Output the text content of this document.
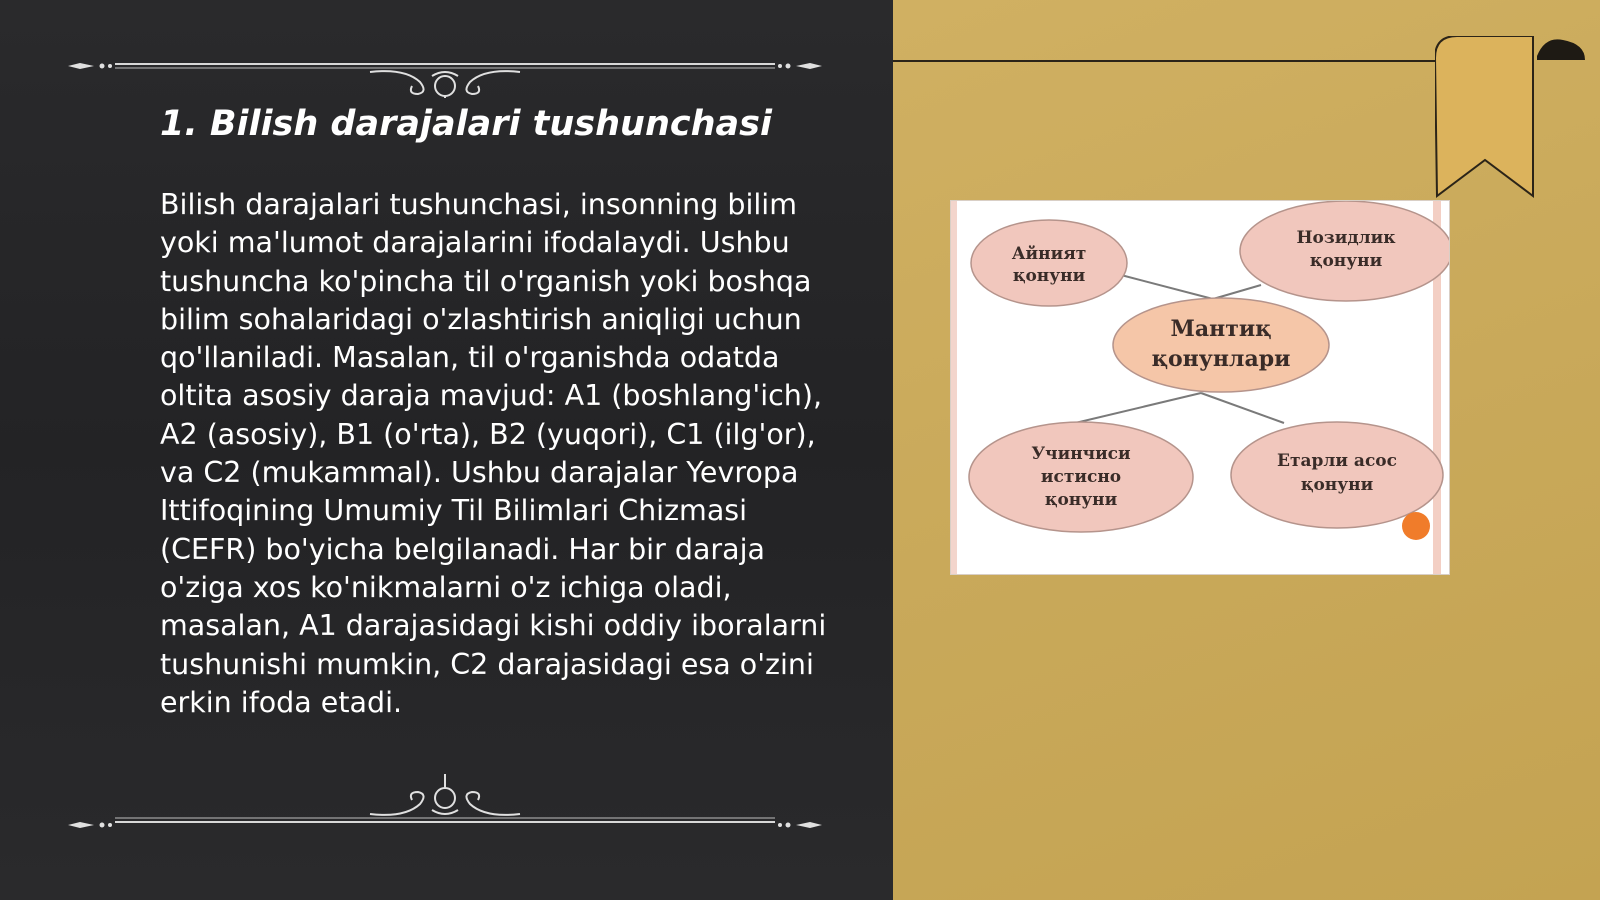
1. Bilish darajalari tushunchasi

Bilish darajalari tushunchasi, insonning bilim yoki ma'lumot darajalarini ifodalaydi. Ushbu tushuncha ko'pincha til o'rganish yoki boshqa bilim sohalaridagi o'zlashtirish aniqligi uchun qo'llaniladi. Masalan, til o'rganishda odatda oltita asosiy daraja mavjud: A1 (boshlang'ich), A2 (asosiy), B1 (o'rta), B2 (yuqori), C1 (ilg'or), va C2 (mukammal). Ushbu darajalar Yevropa Ittifoqining Umumiy Til Bilimlari Chizmasi (CEFR) bo'yicha belgilanadi. Har bir daraja o'ziga xos ko'nikmalarni o'z ichiga oladi, masalan, A1 darajasidagi kishi oddiy iboralarni tushunishi mumkin, C2 darajasidagi esa o'zini erkin ifoda etadi.

Айният
қонуни
Нозидлик
қонуни
Мантиқ
қонунлари
Учинчиси
истисно
қонуни
Етарли асос
қонуни
